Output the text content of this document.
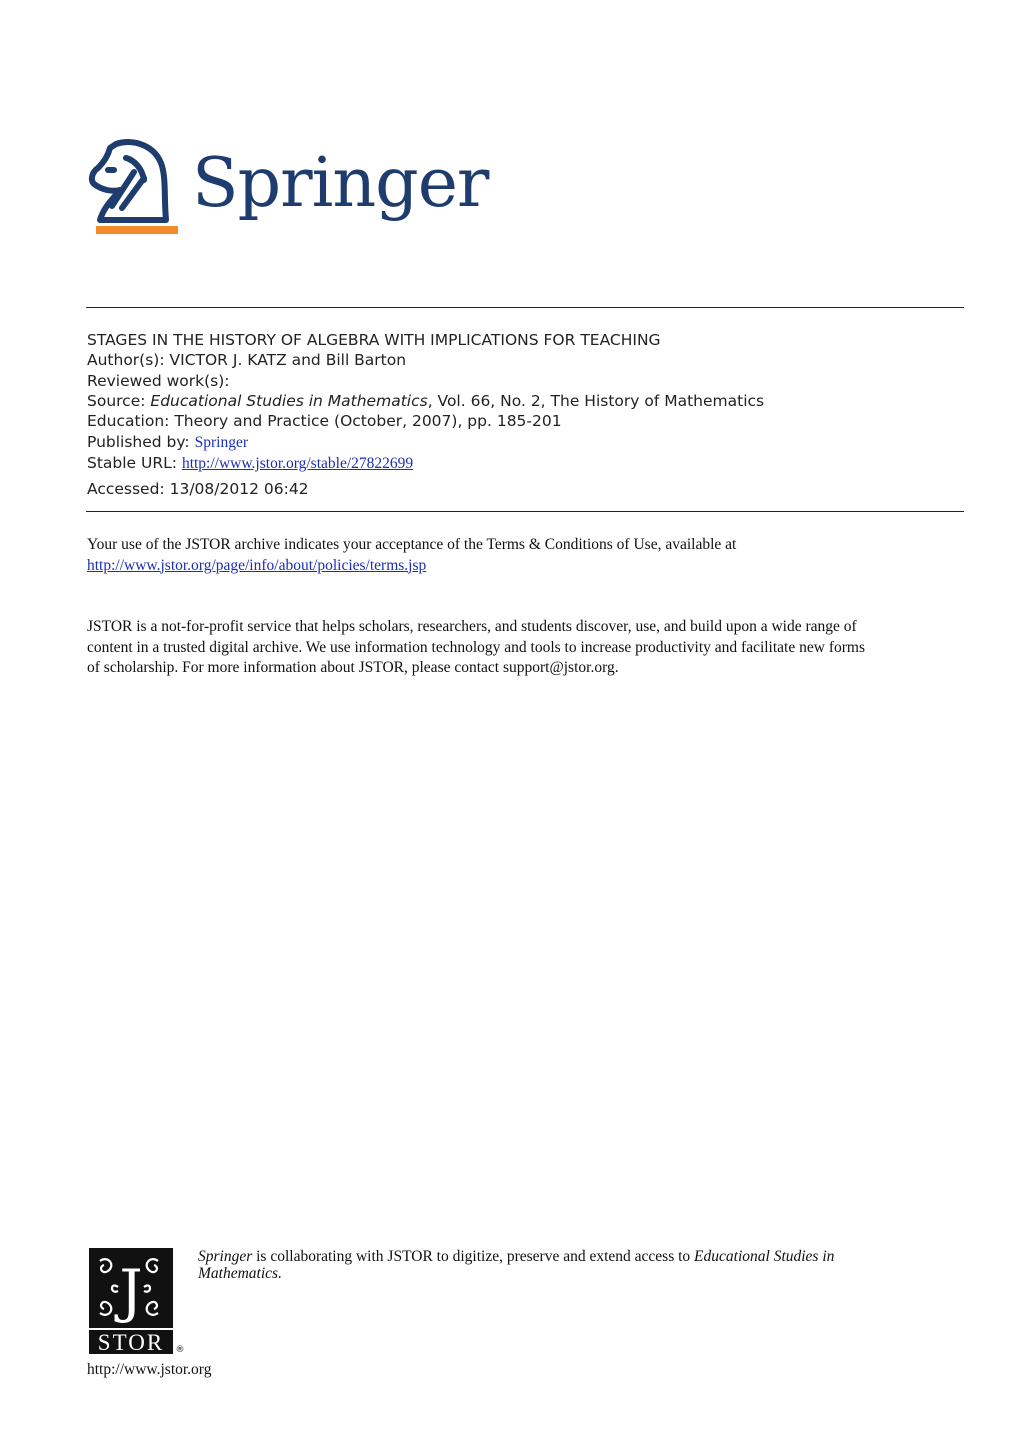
Springer
STAGES IN THE HISTORY OF ALGEBRA WITH IMPLICATIONS FOR TEACHING
Author(s): VICTOR J. KATZ and Bill Barton
Reviewed work(s):
Source: Educational Studies in Mathematics, Vol. 66, No. 2, The History of Mathematics
Education: Theory and Practice (October, 2007), pp. 185-201
Published by: Springer
Stable URL: http://www.jstor.org/stable/27822699
Accessed: 13/08/2012 06:42
Your use of the JSTOR archive indicates your acceptance of the Terms & Conditions of Use, available at
http://www.jstor.org/page/info/about/policies/terms.jsp
JSTOR is a not-for-profit service that helps scholars, researchers, and students discover, use, and build upon a wide range of
content in a trusted digital archive. We use information technology and tools to increase productivity and facilitate new forms
of scholarship. For more information about JSTOR, please contact support@jstor.org.
J
STOR ®
Springer is collaborating with JSTOR to digitize, preserve and extend access to Educational Studies in
Mathematics.
http://www.jstor.org
